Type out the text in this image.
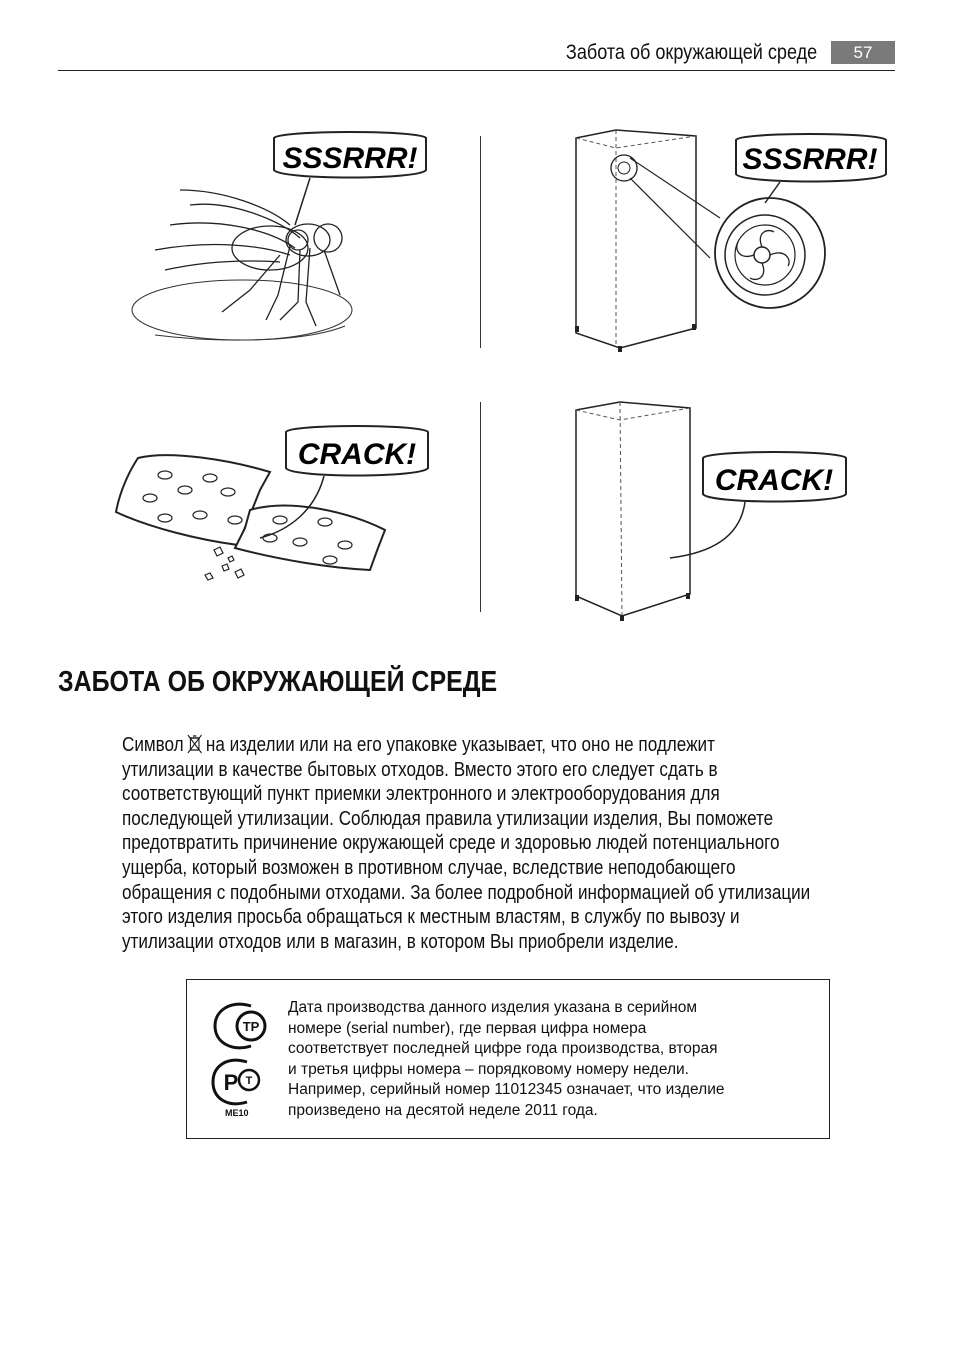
Забота об окружающей среде	57
SSSRRR!	SSSRRR!
CRACK!
CRACK!
ЗАБОТА ОБ ОКРУЖАЮЩЕЙ СРЕДЕ

Символ на изделии или на его упаковке указывает, что оно не подлежит

утилизации в качестве бытовых отходов. Вместо этого его следует сдать в

соответствующий пункт приемки электронного и электрооборудования для

последующей утилизации. Соблюдая правила утилизации изделия, Вы поможете

предотвратить причинение окружающей среде и здоровью людей потенциального

ущерба, который возможен в противном случае, вследствие неподобающего

обращения с подобными отходами. За более подробной информацией об утилизации

этого изделия просьба обращаться к местным властям, в службу по вывозу и

утилизации отходов или в магазин, в котором Вы приобрели изделие.

ТР
Р Т
ME10

Дата производства данного изделия указана в серийном

номере (serial number), где первая цифра номера

соответствует последней цифре года производства, вторая

и третья цифры номера – порядковому номеру недели.

Например, серийный номер 11012345 означает, что изделие

произведено на десятой неделе 2011 года.
